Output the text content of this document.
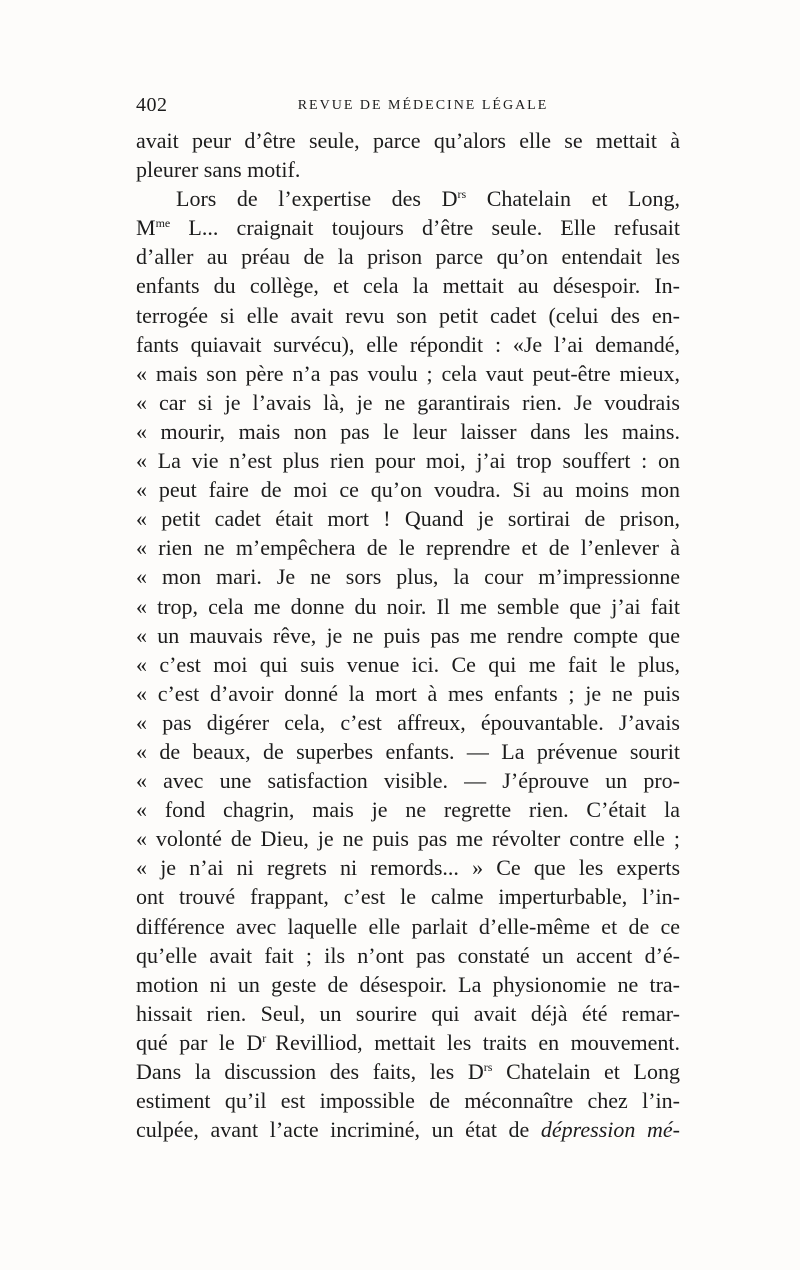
402	REVUE DE MÉDECINE LÉGALE
avait peur d’être seule, parce qu’alors elle se mettait à
pleurer sans motif.
Lors de l’expertise des $D^{rs}$ Chatelain et Long,
$M^{me}$ L... craignait toujours d’être seule. Elle refusait
d’aller au préau de la prison parce qu’on entendait les
enfants du collège, et cela la mettait au désespoir. In-
terrogée si elle avait revu son petit cadet (celui des en-
fants quiavait survécu), elle répondit : «Je l’ai demandé,
« mais son père n’a pas voulu ; cela vaut peut-être mieux,
« car si je l’avais là, je ne garantirais rien. Je voudrais
« mourir, mais non pas le leur laisser dans les mains.
« La vie n’est plus rien pour moi, j’ai trop souffert : on
« peut faire de moi ce qu’on voudra. Si au moins mon
« petit cadet était mort ! Quand je sortirai de prison,
« rien ne m’empêchera de le reprendre et de l’enlever à
« mon mari. Je ne sors plus, la cour m’impressionne
« trop, cela me donne du noir. Il me semble que j’ai fait
« un mauvais rêve, je ne puis pas me rendre compte que
« c’est moi qui suis venue ici. Ce qui me fait le plus,
« c’est d’avoir donné la mort à mes enfants ; je ne puis
« pas digérer cela, c’est affreux, épouvantable. J’avais
« de beaux, de superbes enfants. — La prévenue sourit
« avec une satisfaction visible. — J’éprouve un pro-
« fond chagrin, mais je ne regrette rien. C’était la
« volonté de Dieu, je ne puis pas me révolter contre elle ;
« je n’ai ni regrets ni remords... » Ce que les experts
ont trouvé frappant, c’est le calme imperturbable, l’in-
différence avec laquelle elle parlait d’elle-même et de ce
qu’elle avait fait ; ils n’ont pas constaté un accent d’é-
motion ni un geste de désespoir. La physionomie ne tra-
hissait rien. Seul, un sourire qui avait déjà été remar-
qué par le $D^r$ Revilliod, mettait les traits en mouvement.
Dans la discussion des faits, les $D^{rs}$ Chatelain et Long
estiment qu’il est impossible de méconnaître chez l’in-
culpée, avant l’acte incriminé, un état de dépression mé-
